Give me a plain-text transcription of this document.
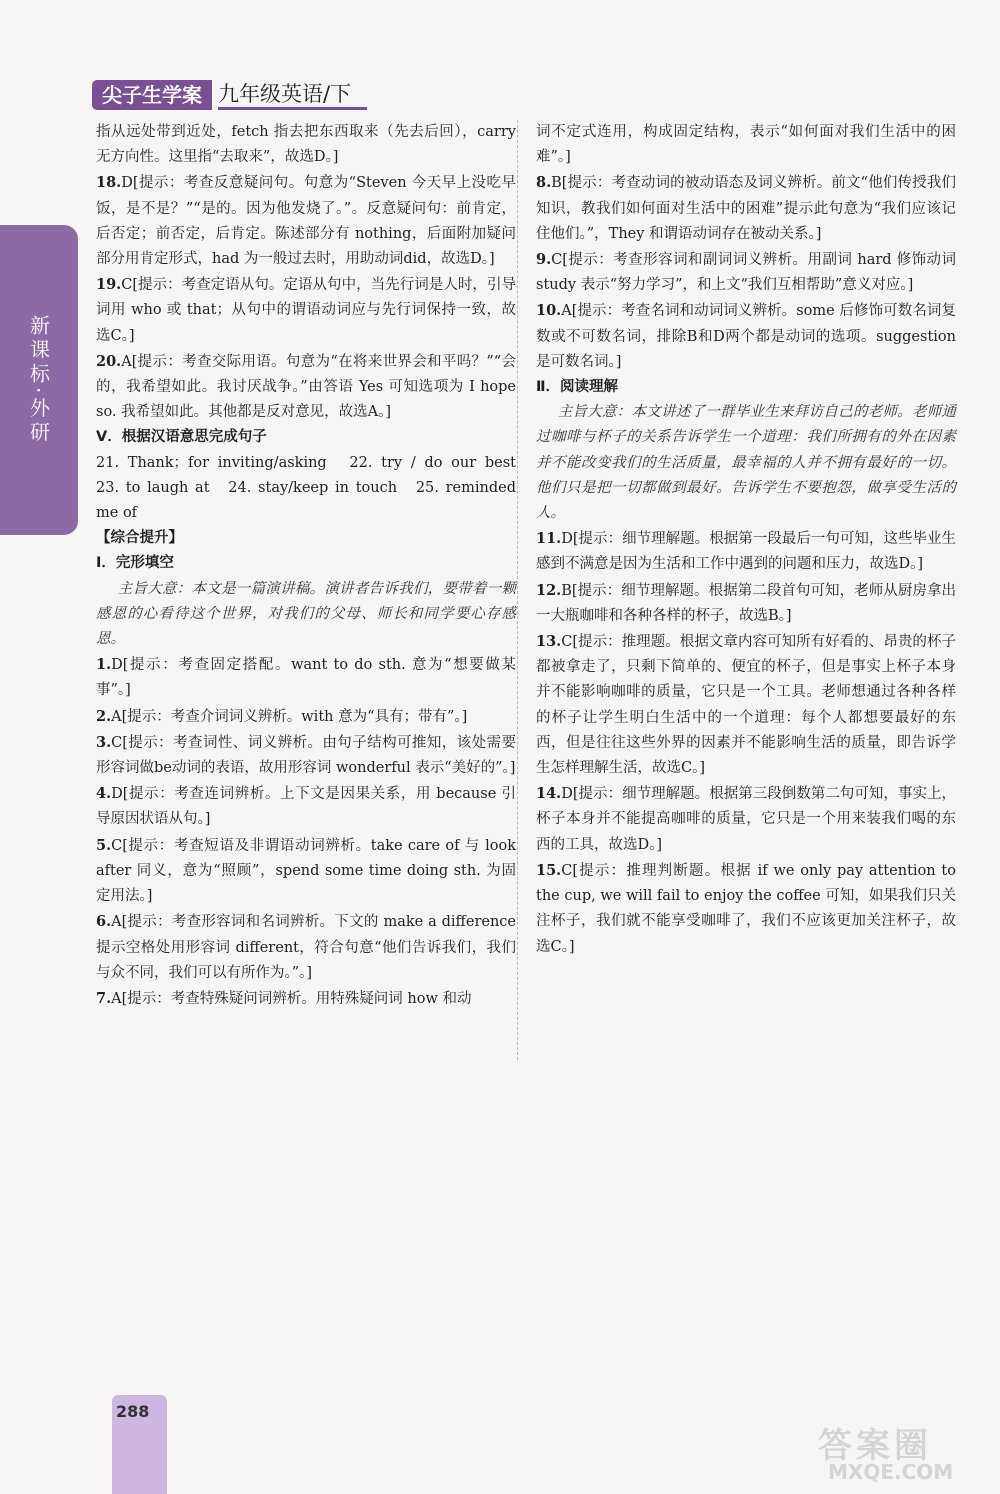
尖子生学案 九年级英语/下
新课标·外研

指从远处带到近处，fetch 指去把东西取来（先去后回），carry 无方向性。这里指“去取来”，故选D。]

18.D[提示：考查反意疑问句。句意为“Steven 今天早上没吃早饭，是不是？”“是的。因为他发烧了。”。反意疑问句：前肯定，后否定；前否定，后肯定。陈述部分有 nothing，后面附加疑问部分用肯定形式，had 为一般过去时，用助动词did，故选D。]

19.C[提示：考查定语从句。定语从句中，当先行词是人时，引导词用 who 或 that；从句中的谓语动词应与先行词保持一致，故选C。]

20.A[提示：考查交际用语。句意为“在将来世界会和平吗？”“会的，我希望如此。我讨厌战争。”由答语 Yes 可知选项为 I hope so. 我希望如此。其他都是反对意见，故选A。]

Ⅴ．根据汉语意思完成句子

21. Thank；for inviting/asking　22. try / do our best　23. to laugh at　24. stay/keep in touch　25. reminded me of

【综合提升】

Ⅰ．完形填空

主旨大意：本文是一篇演讲稿。演讲者告诉我们，要带着一颗感恩的心看待这个世界，对我们的父母、师长和同学要心存感恩。

1.D[提示：考查固定搭配。want to do sth. 意为“想要做某事”。]

2.A[提示：考查介词词义辨析。with 意为“具有；带有”。]

3.C[提示：考查词性、词义辨析。由句子结构可推知，该处需要形容词做be动词的表语，故用形容词 wonderful 表示“美好的”。]

4.D[提示：考查连词辨析。上下文是因果关系，用 because 引导原因状语从句。]

5.C[提示：考查短语及非谓语动词辨析。take care of 与 look after 同义，意为“照顾”，spend some time doing sth. 为固定用法。]

6.A[提示：考查形容词和名词辨析。下文的 make a difference 提示空格处用形容词 different，符合句意“他们告诉我们，我们与众不同，我们可以有所作为。”。]

7.A[提示：考查特殊疑问词辨析。用特殊疑问词 how 和动

词不定式连用，构成固定结构，表示“如何面对我们生活中的困难”。]

8.B[提示：考查动词的被动语态及词义辨析。前文“他们传授我们知识，教我们如何面对生活中的困难”提示此句意为“我们应该记住他们。”，They 和谓语动词存在被动关系。]

9.C[提示：考查形容词和副词词义辨析。用副词 hard 修饰动词 study 表示“努力学习”，和上文“我们互相帮助”意义对应。]

10.A[提示：考查名词和动词词义辨析。some 后修饰可数名词复数或不可数名词，排除B和D两个都是动词的选项。suggestion 是可数名词。]

Ⅱ．阅读理解

主旨大意：本文讲述了一群毕业生来拜访自己的老师。老师通过咖啡与杯子的关系告诉学生一个道理：我们所拥有的外在因素并不能改变我们的生活质量，最幸福的人并不拥有最好的一切。他们只是把一切都做到最好。告诉学生不要抱怨，做享受生活的人。

11.D[提示：细节理解题。根据第一段最后一句可知，这些毕业生感到不满意是因为生活和工作中遇到的问题和压力，故选D。]

12.B[提示：细节理解题。根据第二段首句可知，老师从厨房拿出一大瓶咖啡和各种各样的杯子，故选B。]

13.C[提示：推理题。根据文章内容可知所有好看的、昂贵的杯子都被拿走了，只剩下简单的、便宜的杯子，但是事实上杯子本身并不能影响咖啡的质量，它只是一个工具。老师想通过各种各样的杯子让学生明白生活中的一个道理：每个人都想要最好的东西，但是往往这些外界的因素并不能影响生活的质量，即告诉学生怎样理解生活，故选C。]

14.D[提示：细节理解题。根据第三段倒数第二句可知，事实上，杯子本身并不能提高咖啡的质量，它只是一个用来装我们喝的东西的工具，故选D。]

15.C[提示：推理判断题。根据 if we only pay attention to the cup, we will fail to enjoy the coffee 可知，如果我们只关注杯子，我们就不能享受咖啡了，我们不应该更加关注杯子，故选C。]

288
答案圈
MXQE.COM
